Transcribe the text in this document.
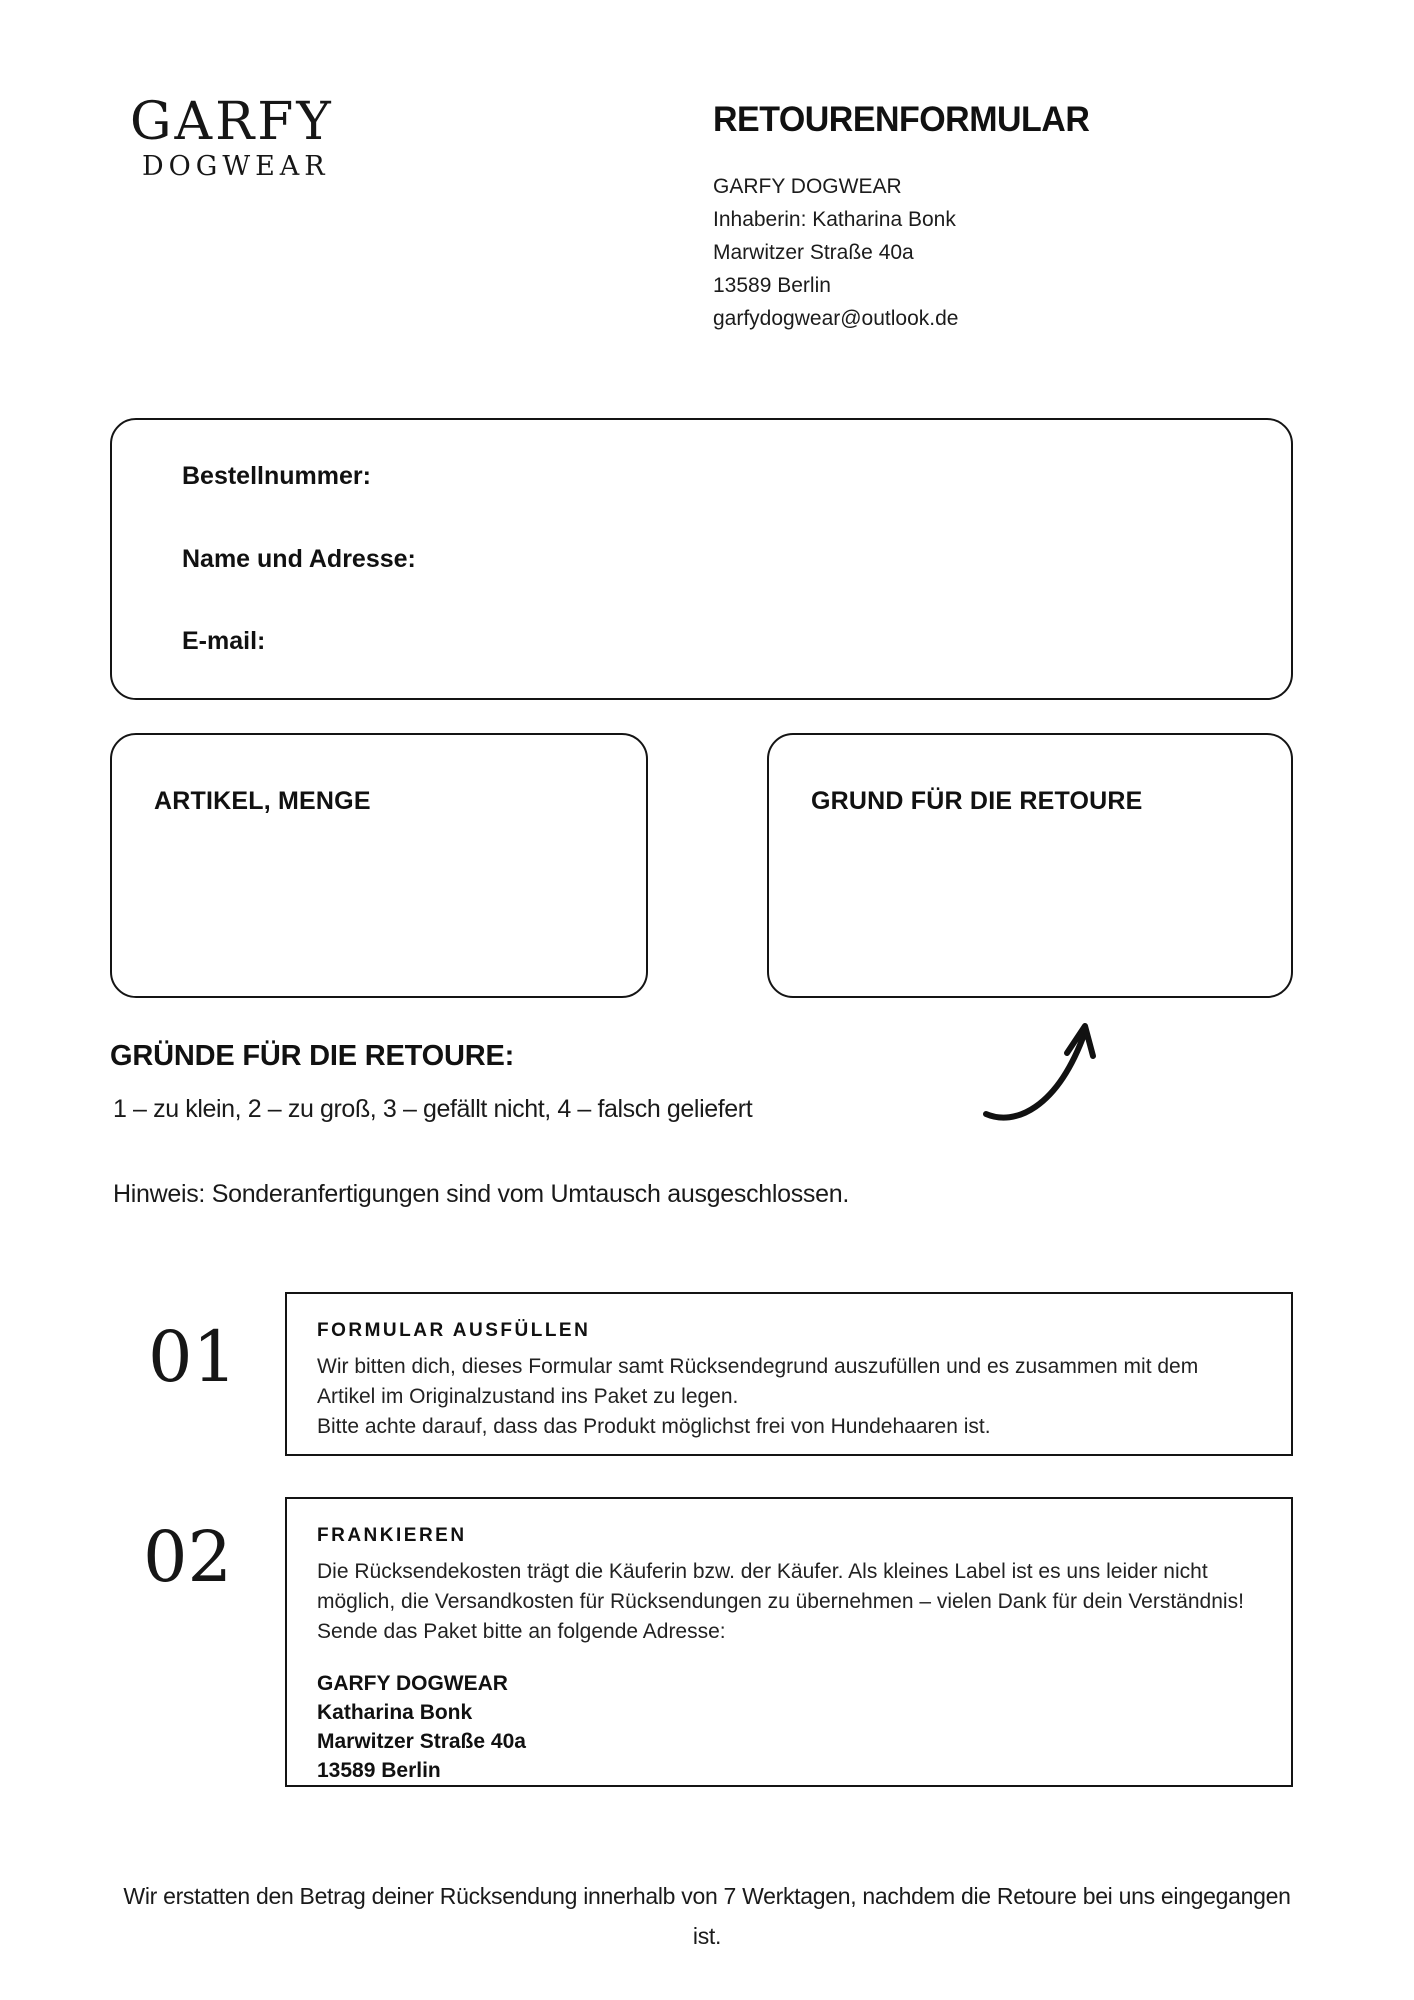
GARFY
DOGWEAR
RETOURENFORMULAR
GARFY DOGWEAR
Inhaberin: Katharina Bonk
Marwitzer Straße 40a
13589 Berlin
garfydogwear@outlook.de
Bestellnummer:
Name und Adresse:
E-mail:
ARTIKEL, MENGE	GRUND FÜR DIE RETOURE
GRÜNDE FÜR DIE RETOURE:
1 – zu klein, 2 – zu groß, 3 – gefällt nicht, 4 – falsch geliefert
Hinweis: Sonderanfertigungen sind vom Umtausch ausgeschlossen.
01	FORMULAR AUSFÜLLEN
Wir bitten dich, dieses Formular samt Rücksendegrund auszufüllen und es zusammen mit dem Artikel im Originalzustand ins Paket zu legen.
Bitte achte darauf, dass das Produkt möglichst frei von Hundehaaren ist.
02	FRANKIEREN
Die Rücksendekosten trägt die Käuferin bzw. der Käufer. Als kleines Label ist es uns leider nicht möglich, die Versandkosten für Rücksendungen zu übernehmen – vielen Dank für dein Verständnis! Sende das Paket bitte an folgende Adresse:
GARFY DOGWEAR
Katharina Bonk
Marwitzer Straße 40a
13589 Berlin
Wir erstatten den Betrag deiner Rücksendung innerhalb von 7 Werktagen, nachdem die Retoure bei uns eingegangen ist.
